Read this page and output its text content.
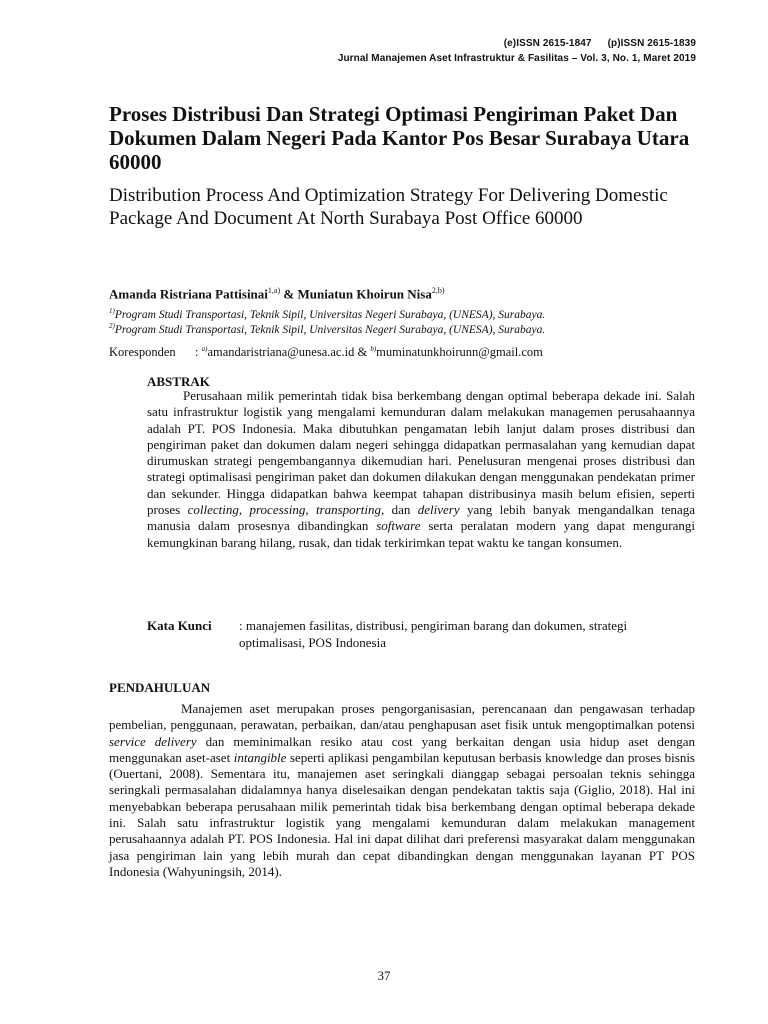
(e)ISSN 2615-1847 (p)ISSN 2615-1839
Jurnal Manajemen Aset Infrastruktur & Fasilitas – Vol. 3, No. 1, Maret 2019
Proses Distribusi Dan Strategi Optimasi Pengiriman Paket Dan Dokumen Dalam Negeri Pada Kantor Pos Besar Surabaya Utara 60000
Distribution Process And Optimization Strategy For Delivering Domestic Package And Document At North Surabaya Post Office 60000
Amanda Ristriana Pattisinai$^{1,a)}$ & Muniatun Khoirun Nisa$^{2,b)}$
$^{1)}$Program Studi Transportasi, Teknik Sipil, Universitas Negeri Surabaya, (UNESA), Surabaya.
$^{2)}$Program Studi Transportasi, Teknik Sipil, Universitas Negeri Surabaya, (UNESA), Surabaya.
Koresponden : $^{a)}$amandaristriana@unesa.ac.id & $^{b)}$muminatunkhoirunn@gmail.com
ABSTRAK
Perusahaan milik pemerintah tidak bisa berkembang dengan optimal beberapa dekade ini. Salah satu infrastruktur logistik yang mengalami kemunduran dalam melakukan managemen perusahaannya adalah PT. POS Indonesia. Maka dibutuhkan pengamatan lebih lanjut dalam proses distribusi dan pengiriman paket dan dokumen dalam negeri sehingga didapatkan permasalahan yang kemudian dapat dirumuskan strategi pengembangannya dikemudian hari. Penelusuran mengenai proses distribusi dan strategi optimalisasi pengiriman paket dan dokumen dilakukan dengan menggunakan pendekatan primer dan sekunder. Hingga didapatkan bahwa keempat tahapan distribusinya masih belum efisien, seperti proses collecting, processing, transporting, dan delivery yang lebih banyak mengandalkan tenaga manusia dalam prosesnya dibandingkan software serta peralatan modern yang dapat mengurangi kemungkinan barang hilang, rusak, dan tidak terkirimkan tepat waktu ke tangan konsumen.
Kata Kunci : manajemen fasilitas, distribusi, pengiriman barang dan dokumen, strategi optimalisasi, POS Indonesia
PENDAHULUAN
Manajemen aset merupakan proses pengorganisasian, perencanaan dan pengawasan terhadap pembelian, penggunaan, perawatan, perbaikan, dan/atau penghapusan aset fisik untuk mengoptimalkan potensi service delivery dan meminimalkan resiko atau cost yang berkaitan dengan usia hidup aset dengan menggunakan aset-aset intangible seperti aplikasi pengambilan keputusan berbasis knowledge dan proses bisnis (Ouertani, 2008). Sementara itu, manajemen aset seringkali dianggap sebagai persoalan teknis sehingga seringkali permasalahan didalamnya hanya diselesaikan dengan pendekatan taktis saja (Giglio, 2018). Hal ini menyebabkan beberapa perusahaan milik pemerintah tidak bisa berkembang dengan optimal beberapa dekade ini. Salah satu infrastruktur logistik yang mengalami kemunduran dalam melakukan management perusahaannya adalah PT. POS Indonesia. Hal ini dapat dilihat dari preferensi masyarakat dalam menggunakan jasa pengiriman lain yang lebih murah dan cepat dibandingkan dengan menggunakan layanan PT POS Indonesia (Wahyuningsih, 2014).
37
